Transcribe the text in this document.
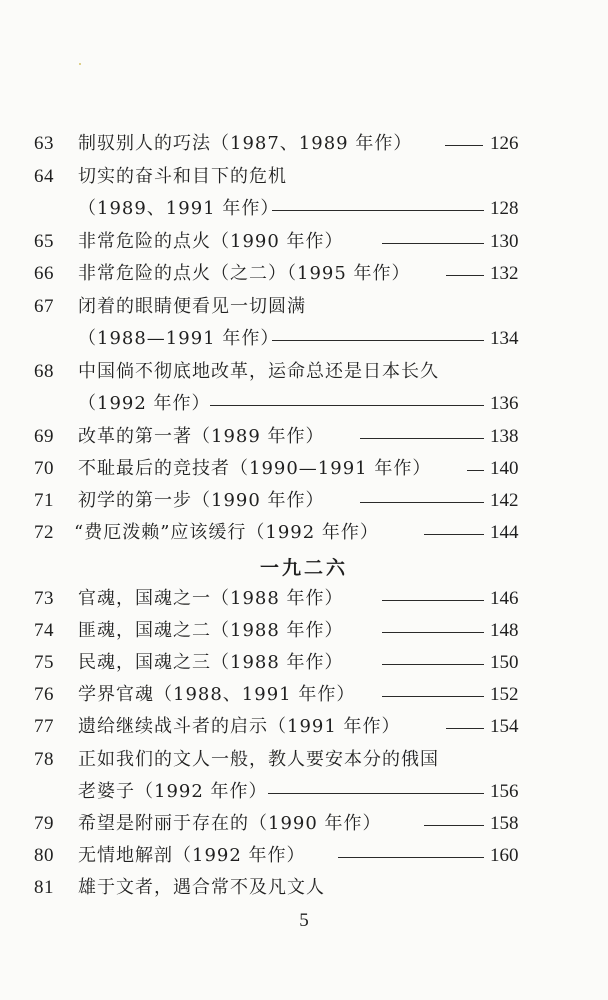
63	制驭别人的巧法（1987、1989 年作）	126
64	切实的奋斗和目下的危机
（1989、1991 年作）	128
65	非常危险的点火（1990 年作）	130
66	非常危险的点火（之二）（1995 年作）	132
67	闭着的眼睛便看见一切圆满
（1988—1991 年作）	134
68	中国倘不彻底地改革，运命总还是日本长久
（1992 年作）	136
69	改革的第一著（1989 年作）	138
70	不耻最后的竞技者（1990—1991 年作）	140
71	初学的第一步（1990 年作）	142
72	“费厄泼赖”应该缓行（1992 年作）	144
一九二六
73	官魂，国魂之一（1988 年作）	146
74	匪魂，国魂之二（1988 年作）	148
75	民魂，国魂之三（1988 年作）	150
76	学界官魂（1988、1991 年作）	152
77	遗给继续战斗者的启示（1991 年作）	154
78	正如我们的文人一般，教人要安本分的俄国
老婆子（1992 年作）	156
79	希望是附丽于存在的（1990 年作）	158
80	无情地解剖（1992 年作）	160
81	雄于文者，遇合常不及凡文人
5
